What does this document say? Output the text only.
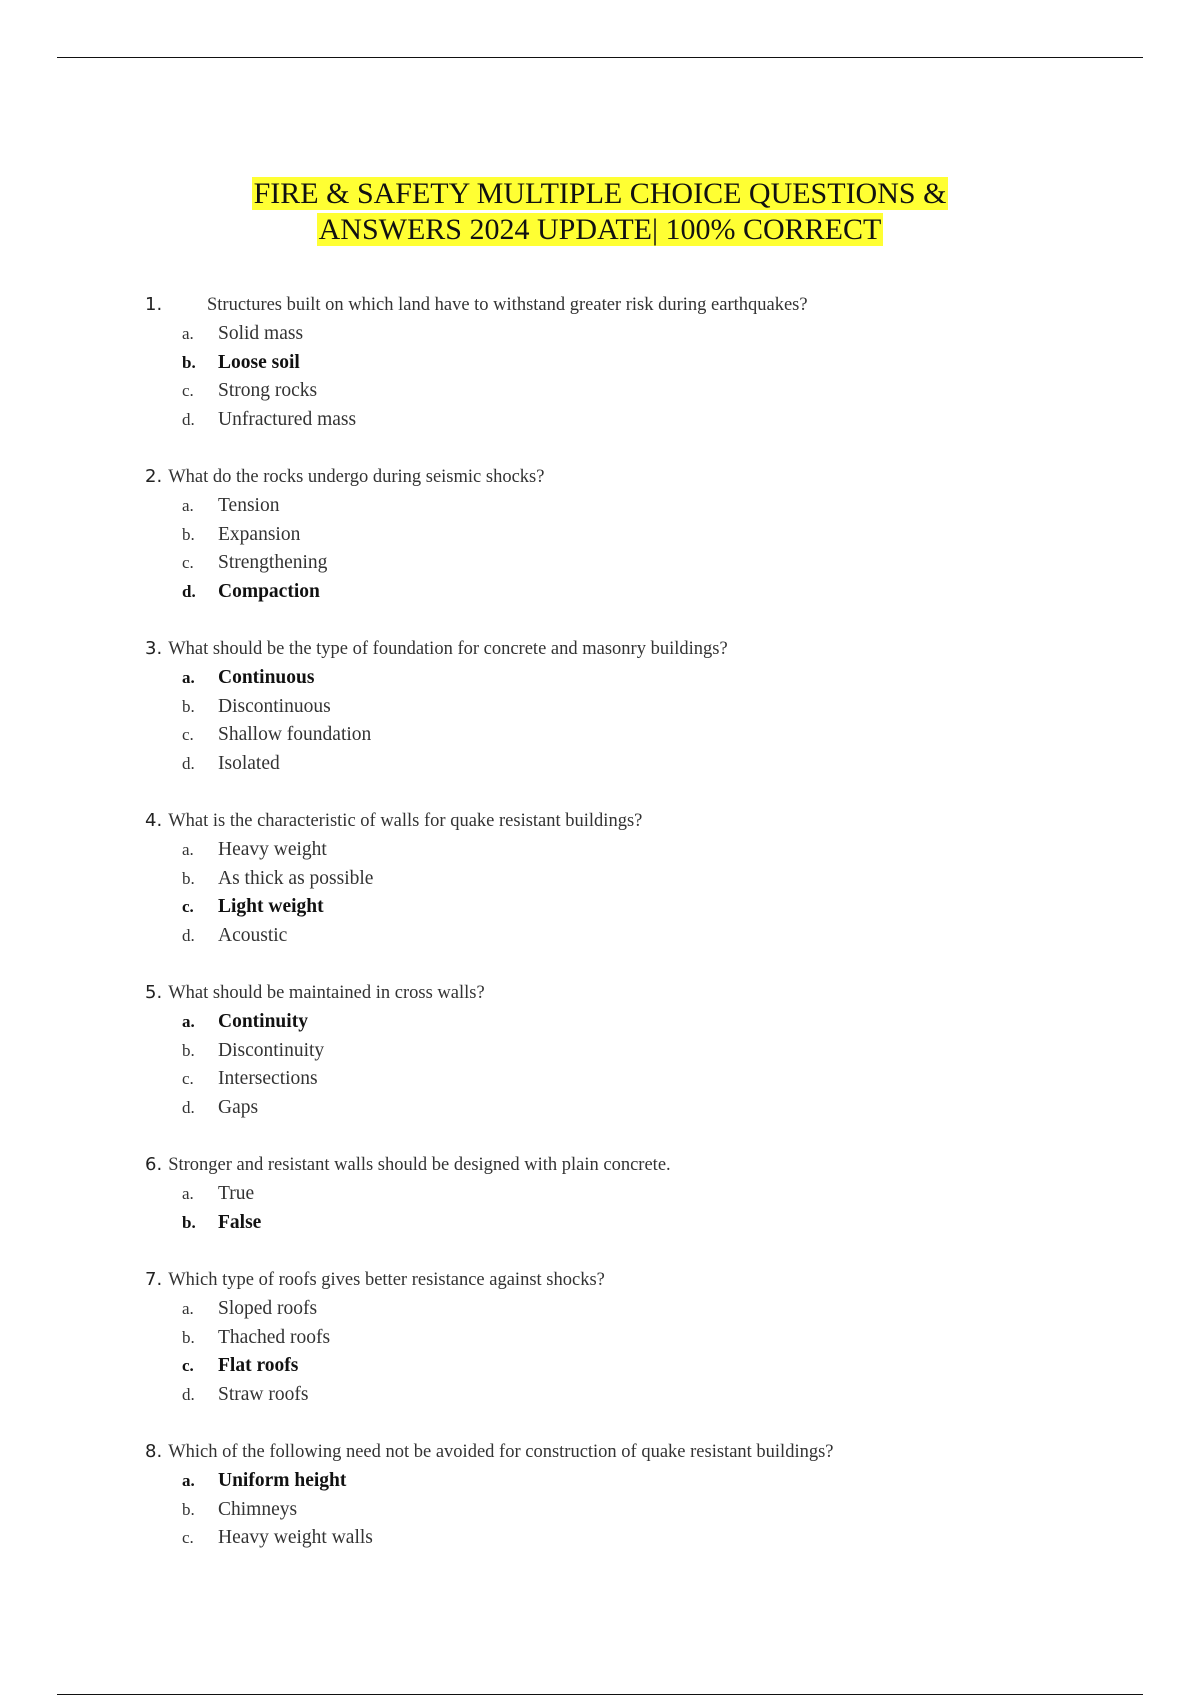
FIRE & SAFETY MULTIPLE CHOICE QUESTIONS &
ANSWERS 2024 UPDATE| 100% CORRECT
1.	Structures built on which land have to withstand greater risk during earthquakes?
a.	Solid mass
b.	Loose soil
c.	Strong rocks
d.	Unfractured mass
2. What do the rocks undergo during seismic shocks?
a.	Tension
b.	Expansion
c.	Strengthening
d.	Compaction
3. What should be the type of foundation for concrete and masonry buildings?
a.	Continuous
b.	Discontinuous
c.	Shallow foundation
d.	Isolated
4. What is the characteristic of walls for quake resistant buildings?
a.	Heavy weight
b.	As thick as possible
c.	Light weight
d.	Acoustic
5. What should be maintained in cross walls?
a.	Continuity
b.	Discontinuity
c.	Intersections
d.	Gaps
6. Stronger and resistant walls should be designed with plain concrete.
a.	True
b.	False
7. Which type of roofs gives better resistance against shocks?
a.	Sloped roofs
b.	Thached roofs
c.	Flat roofs
d.	Straw roofs
8. Which of the following need not be avoided for construction of quake resistant buildings?
a.	Uniform height
b.	Chimneys
c.	Heavy weight walls
